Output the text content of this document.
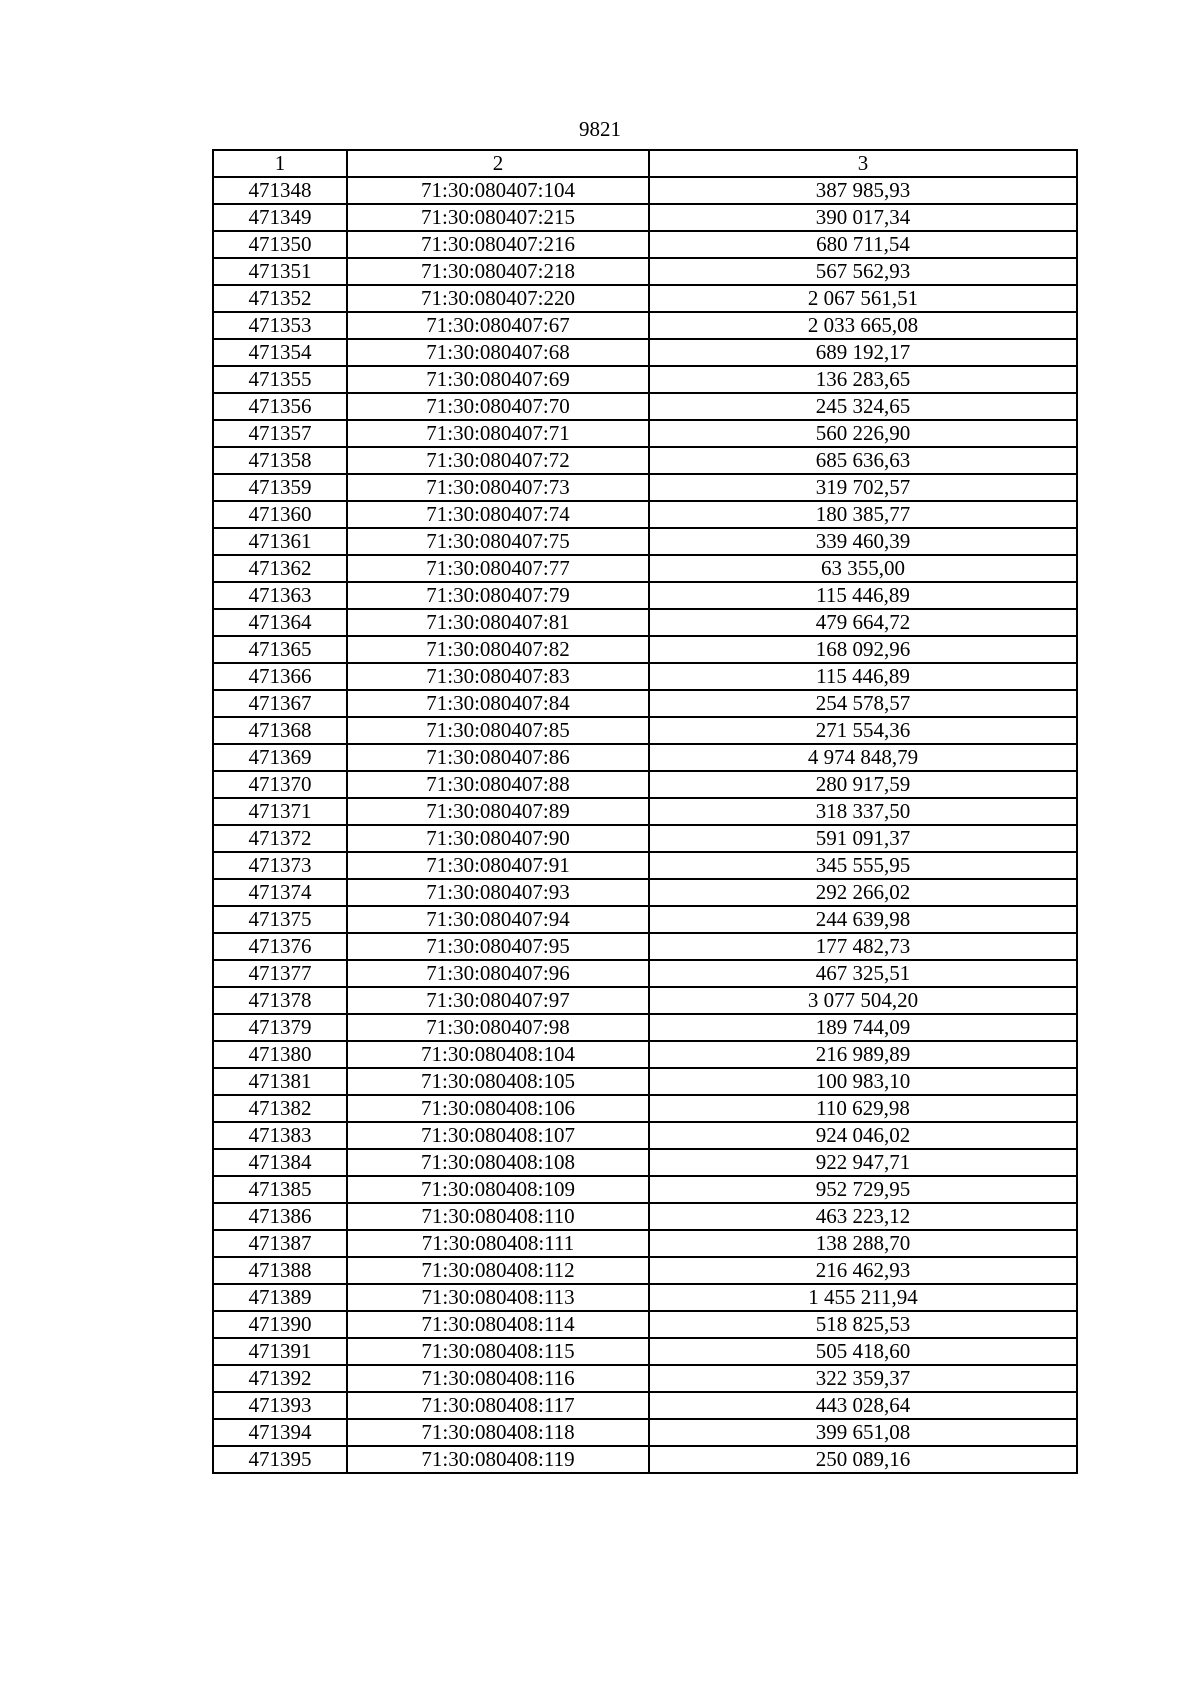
9821
1	2	3
471348	71:30:080407:104	387 985,93
471349	71:30:080407:215	390 017,34
471350	71:30:080407:216	680 711,54
471351	71:30:080407:218	567 562,93
471352	71:30:080407:220	2 067 561,51
471353	71:30:080407:67	2 033 665,08
471354	71:30:080407:68	689 192,17
471355	71:30:080407:69	136 283,65
471356	71:30:080407:70	245 324,65
471357	71:30:080407:71	560 226,90
471358	71:30:080407:72	685 636,63
471359	71:30:080407:73	319 702,57
471360	71:30:080407:74	180 385,77
471361	71:30:080407:75	339 460,39
471362	71:30:080407:77	63 355,00
471363	71:30:080407:79	115 446,89
471364	71:30:080407:81	479 664,72
471365	71:30:080407:82	168 092,96
471366	71:30:080407:83	115 446,89
471367	71:30:080407:84	254 578,57
471368	71:30:080407:85	271 554,36
471369	71:30:080407:86	4 974 848,79
471370	71:30:080407:88	280 917,59
471371	71:30:080407:89	318 337,50
471372	71:30:080407:90	591 091,37
471373	71:30:080407:91	345 555,95
471374	71:30:080407:93	292 266,02
471375	71:30:080407:94	244 639,98
471376	71:30:080407:95	177 482,73
471377	71:30:080407:96	467 325,51
471378	71:30:080407:97	3 077 504,20
471379	71:30:080407:98	189 744,09
471380	71:30:080408:104	216 989,89
471381	71:30:080408:105	100 983,10
471382	71:30:080408:106	110 629,98
471383	71:30:080408:107	924 046,02
471384	71:30:080408:108	922 947,71
471385	71:30:080408:109	952 729,95
471386	71:30:080408:110	463 223,12
471387	71:30:080408:111	138 288,70
471388	71:30:080408:112	216 462,93
471389	71:30:080408:113	1 455 211,94
471390	71:30:080408:114	518 825,53
471391	71:30:080408:115	505 418,60
471392	71:30:080408:116	322 359,37
471393	71:30:080408:117	443 028,64
471394	71:30:080408:118	399 651,08
471395	71:30:080408:119	250 089,16
